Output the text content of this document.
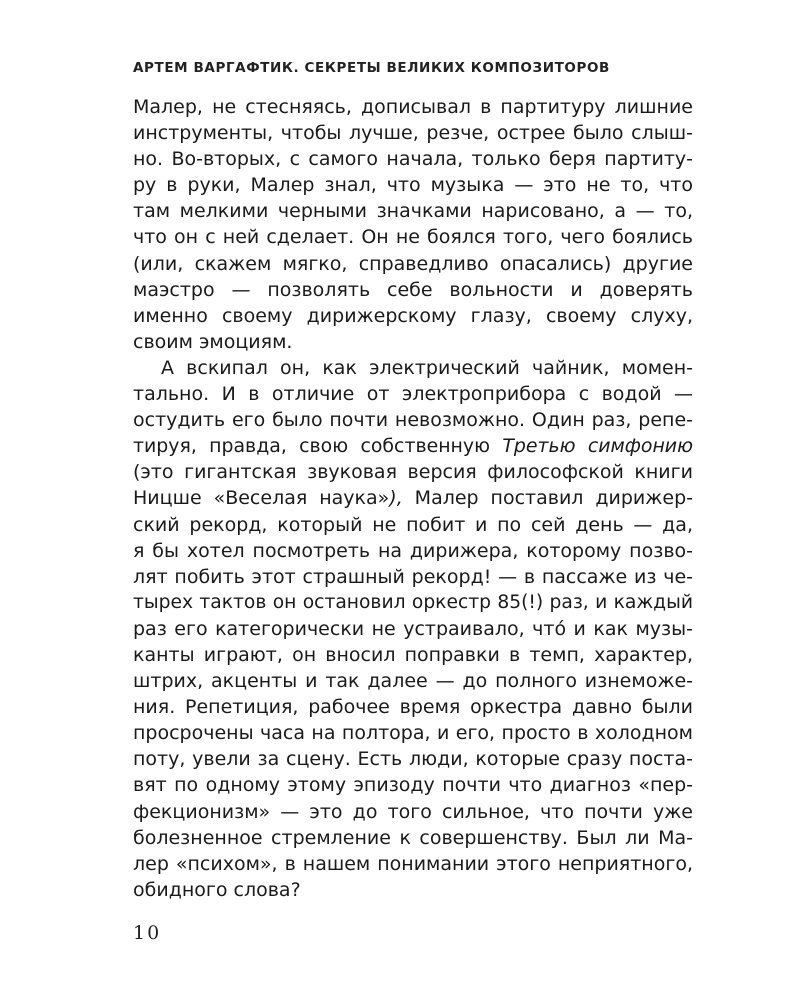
АРТЕМ ВАРГАФТИК. СЕКРЕТЫ ВЕЛИКИХ КОМПОЗИТОРОВ
Малер, не стесняясь, дописывал в партитуру лишние
инструменты, чтобы лучше, резче, острее было слыш-
но. Во-вторых, с самого начала, только беря партиту-
ру в руки, Малер знал, что музыка — это не то, что
там мелкими черными значками нарисовано, а — то,
что он с ней сделает. Он не боялся того, чего боялись
(или, скажем мягко, справедливо опасались) другие
маэстро — позволять себе вольности и доверять
именно своему дирижерскому глазу, своему слуху,
своим эмоциям.
А вскипал он, как электрический чайник, момен-
тально. И в отличие от электроприбора с водой —
остудить его было почти невозможно. Один раз, репе-
тируя, правда, свою собственную Третью симфонию
(это гигантская звуковая версия философской книги
Ницше «Веселая наука»), Малер поставил дирижер-
ский рекорд, который не побит и по сей день — да,
я бы хотел посмотреть на дирижера, которому позво-
лят побить этот страшный рекорд! — в пассаже из че-
тырех тактов он остановил оркестр 85(!) раз, и каждый
раз его категорически не устраивало, что́ и как музы-
канты играют, он вносил поправки в темп, характер,
штрих, акценты и так далее — до полного изнеможе-
ния. Репетиция, рабочее время оркестра давно были
просрочены часа на полтора, и его, просто в холодном
поту, увели за сцену. Есть люди, которые сразу поста-
вят по одному этому эпизоду почти что диагноз «пер-
фекционизм» — это до того сильное, что почти уже
болезненное стремление к совершенству. Был ли Ма-
лер «психом», в нашем понимании этого неприятного,
обидного слова?
10
